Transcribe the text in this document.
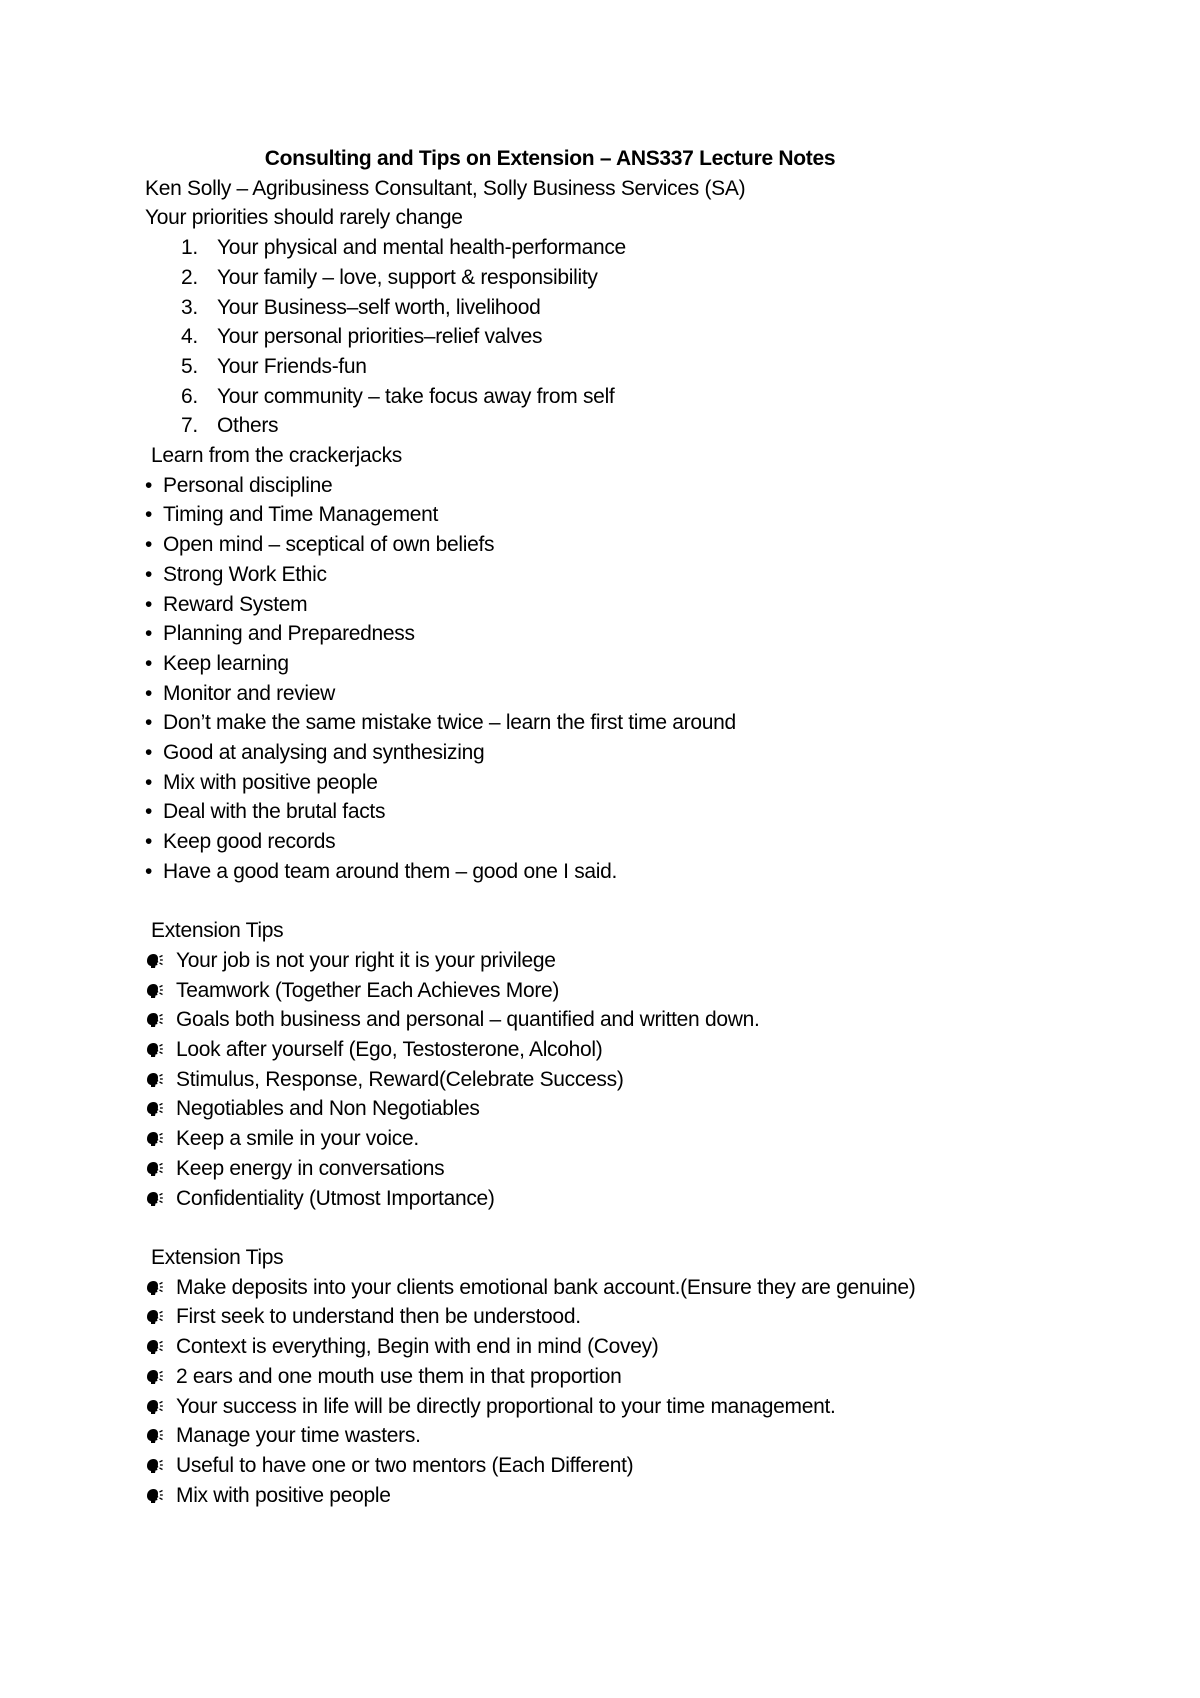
Consulting and Tips on Extension – ANS337 Lecture Notes
Ken Solly – Agribusiness Consultant, Solly Business Services (SA)
Your priorities should rarely change
1. Your physical and mental health-performance
2. Your family – love, support & responsibility
3. Your Business–self worth, livelihood
4. Your personal priorities–relief valves
5. Your Friends-fun
6. Your community – take focus away from self
7. Others
Learn from the crackerjacks
• Personal discipline
• Timing and Time Management
• Open mind – sceptical of own beliefs
• Strong Work Ethic
• Reward System
• Planning and Preparedness
• Keep learning
• Monitor and review
• Don’t make the same mistake twice – learn the first time around
• Good at analysing and synthesizing
• Mix with positive people
• Deal with the brutal facts
• Keep good records
• Have a good team around them – good one I said.
Extension Tips
Your job is not your right it is your privilege
Teamwork (Together Each Achieves More)
Goals both business and personal – quantified and written down.
Look after yourself (Ego, Testosterone, Alcohol)
Stimulus, Response, Reward(Celebrate Success)
Negotiables and Non Negotiables
Keep a smile in your voice.
Keep energy in conversations
Confidentiality (Utmost Importance)
Extension Tips
Make deposits into your clients emotional bank account.(Ensure they are genuine)
First seek to understand then be understood.
Context is everything, Begin with end in mind (Covey)
2 ears and one mouth use them in that proportion
Your success in life will be directly proportional to your time management.
Manage your time wasters.
Useful to have one or two mentors (Each Different)
Mix with positive people
